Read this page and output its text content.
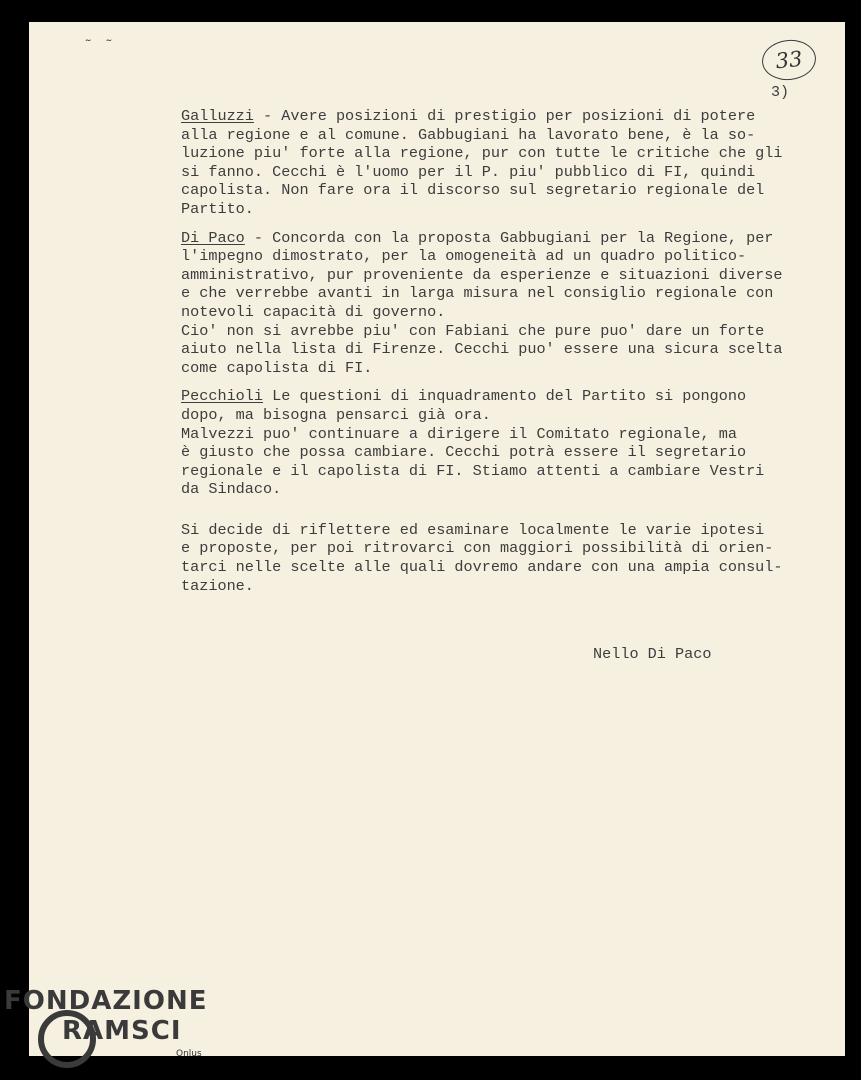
˜ ˜
33
3)

Galluzzi - Avere posizioni di prestigio per posizioni di potere
alla regione e al comune. Gabbugiani ha lavorato bene, è la so-
luzione piu' forte alla regione, pur con tutte le critiche che gli
si fanno. Cecchi è l'uomo per il P. piu' pubblico di FI, quindi
capolista. Non fare ora il discorso sul segretario regionale del
Partito.

Di Paco - Concorda con la proposta Gabbugiani per la Regione, per
l'impegno dimostrato, per la omogeneità ad un quadro politico-
amministrativo, pur proveniente da esperienze e situazioni diverse
e che verrebbe avanti in larga misura nel consiglio regionale con
notevoli capacità di governo.
Cio' non si avrebbe piu' con Fabiani che pure puo' dare un forte
aiuto nella lista di Firenze. Cecchi puo' essere una sicura scelta
come capolista di FI.

Pecchioli Le questioni di inquadramento del Partito si pongono
dopo, ma bisogna pensarci già ora.
Malvezzi puo' continuare a dirigere il Comitato regionale, ma
è giusto che possa cambiare. Cecchi potrà essere il segretario
regionale e il capolista di FI. Stiamo attenti a cambiare Vestri
da Sindaco.

Si decide di riflettere ed esaminare localmente le varie ipotesi
e proposte, per poi ritrovarci con maggiori possibilità di orien-
tarci nelle scelte alle quali dovremo andare con una ampia consul-
tazione.

Nello Di Paco
FONDAZIONE
RAMSCI
Onlus
